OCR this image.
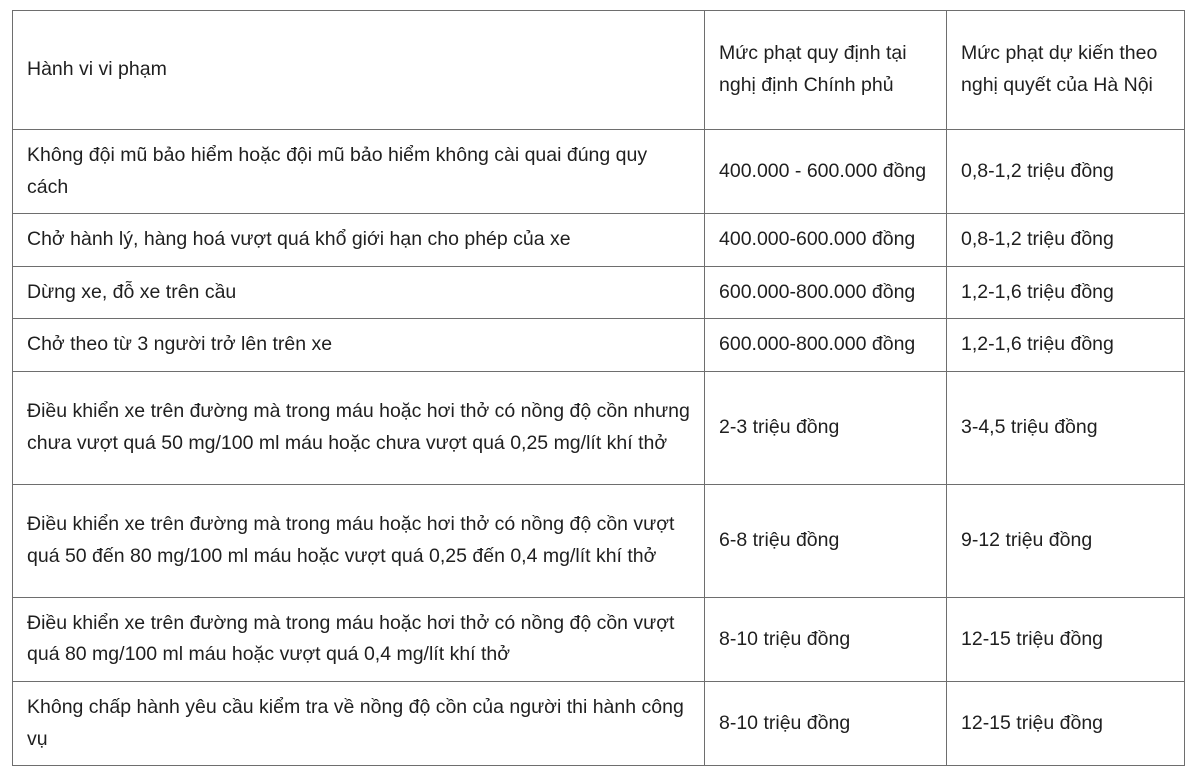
Hành vi vi phạm	Mức phạt quy định tại nghị định Chính phủ	Mức phạt dự kiến theo nghị quyết của Hà Nội
Không đội mũ bảo hiểm hoặc đội mũ bảo hiểm không cài quai đúng quy cách	400.000 - 600.000 đồng	0,8-1,2 triệu đồng
Chở hành lý, hàng hoá vượt quá khổ giới hạn cho phép của xe	400.000-600.000 đồng	0,8-1,2 triệu đồng
Dừng xe, đỗ xe trên cầu	600.000-800.000 đồng	1,2-1,6 triệu đồng
Chở theo từ 3 người trở lên trên xe	600.000-800.000 đồng	1,2-1,6 triệu đồng
Điều khiển xe trên đường mà trong máu hoặc hơi thở có nồng độ cồn nhưng chưa vượt quá 50 mg/100 ml máu hoặc chưa vượt quá 0,25 mg/lít khí thở	2-3 triệu đồng	3-4,5 triệu đồng
Điều khiển xe trên đường mà trong máu hoặc hơi thở có nồng độ cồn vượt quá 50 đến 80 mg/100 ml máu hoặc vượt quá 0,25 đến 0,4 mg/lít khí thở	6-8 triệu đồng	9-12 triệu đồng
Điều khiển xe trên đường mà trong máu hoặc hơi thở có nồng độ cồn vượt quá 80 mg/100 ml máu hoặc vượt quá 0,4 mg/lít khí thở	8-10 triệu đồng	12-15 triệu đồng
Không chấp hành yêu cầu kiểm tra về nồng độ cồn của người thi hành công vụ	8-10 triệu đồng	12-15 triệu đồng
